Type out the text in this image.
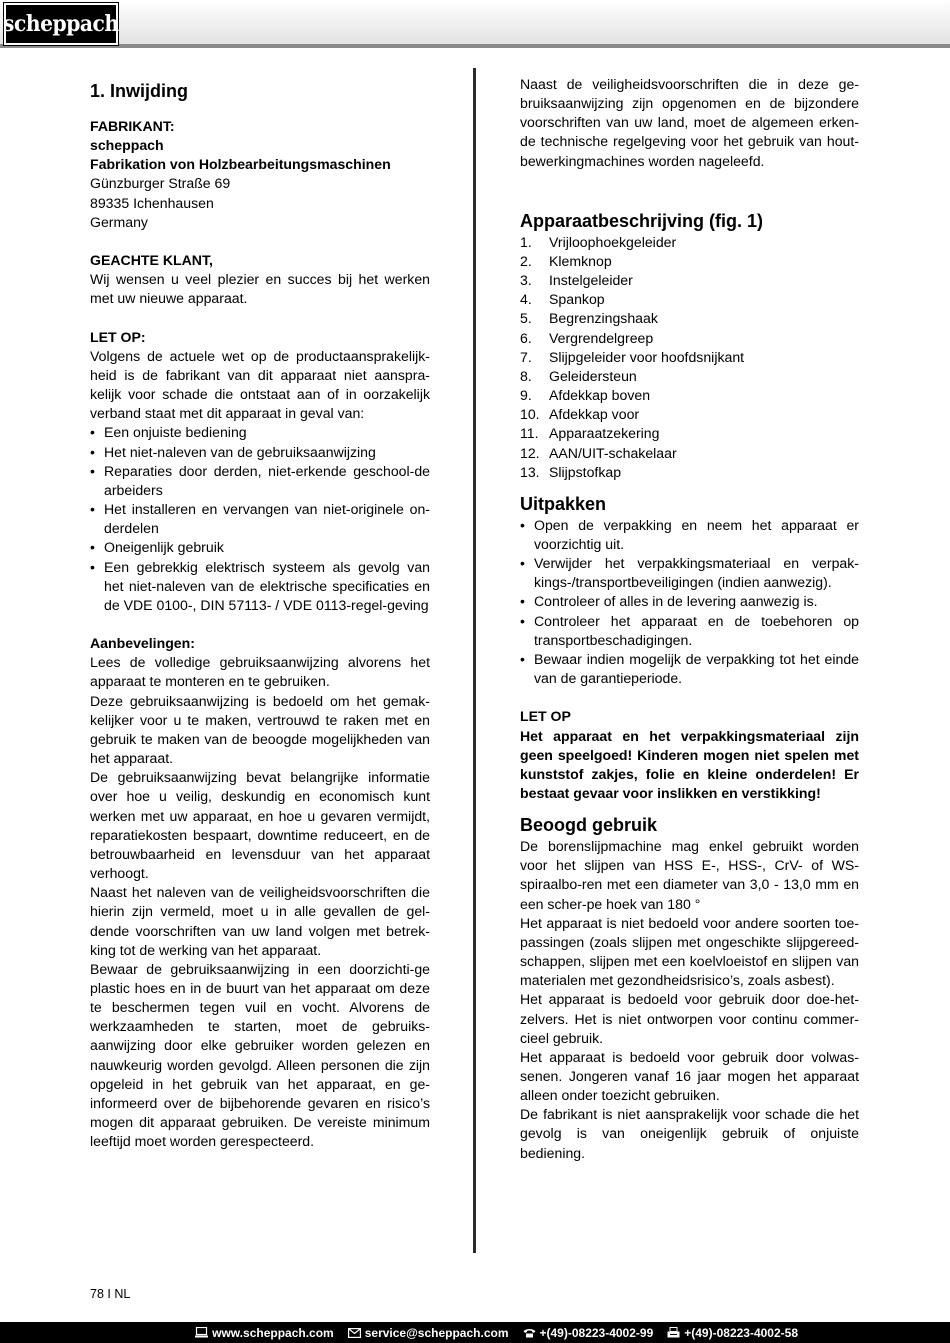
scheppach
1. Inwijding

FABRIKANT:

scheppach

Fabrikation von Holzbearbeitungsmaschinen

Günzburger Straße 69

89335 Ichenhausen

Germany

GEACHTE KLANT,

Wij wensen u veel plezier en succes bij het werken met uw nieuwe apparaat.

LET OP:

Volgens de actuele wet op de productaansprakelijk-heid is de fabrikant van dit apparaat niet aanspra-kelijk voor schade die ontstaat aan of in oorzakelijk verband staat met dit apparaat in geval van:

• Een onjuiste bediening
• Het niet-naleven van de gebruiksaanwijzing
• Reparaties door derden, niet-erkende geschool-de arbeiders
• Het installeren en vervangen van niet-originele on-derdelen
• Oneigenlijk gebruik
• Een gebrekkig elektrisch systeem als gevolg van het niet-naleven van de elektrische specificaties en de VDE 0100-, DIN 57113- / VDE 0113-regel-geving

Aanbevelingen:

Lees de volledige gebruiksaanwijzing alvorens het apparaat te monteren en te gebruiken.

Deze gebruiksaanwijzing is bedoeld om het gemak-kelijker voor u te maken, vertrouwd te raken met en gebruik te maken van de beoogde mogelijkheden van het apparaat.

De gebruiksaanwijzing bevat belangrijke informatie over hoe u veilig, deskundig en economisch kunt werken met uw apparaat, en hoe u gevaren vermijdt, reparatiekosten bespaart, downtime reduceert, en de betrouwbaarheid en levensduur van het apparaat verhoogt.

Naast het naleven van de veiligheidsvoorschriften die hierin zijn vermeld, moet u in alle gevallen de gel-dende voorschriften van uw land volgen met betrek-king tot de werking van het apparaat.

Bewaar de gebruiksaanwijzing in een doorzichti-ge plastic hoes en in de buurt van het apparaat om deze te beschermen tegen vuil en vocht. Alvorens de werkzaamheden te starten, moet de gebruiks-aanwijzing door elke gebruiker worden gelezen en nauwkeurig worden gevolgd. Alleen personen die zijn opgeleid in het gebruik van het apparaat, en ge-informeerd over de bijbehorende gevaren en risico’s mogen dit apparaat gebruiken. De vereiste minimum leeftijd moet worden gerespecteerd.

Naast de veiligheidsvoorschriften die in deze ge-bruiksaanwijzing zijn opgenomen en de bijzondere voorschriften van uw land, moet de algemeen erken-de technische regelgeving voor het gebruik van hout-bewerkingmachines worden nageleefd.

Apparaatbeschrijving (fig. 1)
1.	Vrijloophoekgeleider
2.	Klemknop
3.	Instelgeleider
4.	Spankop
5.	Begrenzingshaak
6.	Vergrendelgreep
7.	Slijpgeleider voor hoofdsnijkant
8.	Geleidersteun
9.	Afdekkap boven
10. Afdekkap voor
11. Apparaatzekering
12. AAN/UIT-schakelaar
13. Slijpstofkap
Uitpakken
• Open de verpakking en neem het apparaat er voorzichtig uit.
• Verwijder het verpakkingsmateriaal en verpak-kings-/transportbeveiligingen (indien aanwezig).
• Controleer of alles in de levering aanwezig is.
• Controleer het apparaat en de toebehoren op transportbeschadigingen.
• Bewaar indien mogelijk de verpakking tot het einde van de garantieperiode.

LET OP

Het apparaat en het verpakkingsmateriaal zijn geen speelgoed! Kinderen mogen niet spelen met kunststof zakjes, folie en kleine onderdelen! Er bestaat gevaar voor inslikken en verstikking!

Beoogd gebruik

De borenslijpmachine mag enkel gebruikt worden voor het slijpen van HSS E-, HSS-, CrV- of WS-spiraalbo-ren met een diameter van 3,0 - 13,0 mm en een scher-pe hoek van 180 °

Het apparaat is niet bedoeld voor andere soorten toe-passingen (zoals slijpen met ongeschikte slijpgereed-schappen, slijpen met een koelvloeistof en slijpen van materialen met gezondheidsrisico’s, zoals asbest).

Het apparaat is bedoeld voor gebruik door doe-het-zelvers. Het is niet ontworpen voor continu commer-cieel gebruik.

Het apparaat is bedoeld voor gebruik door volwas-senen. Jongeren vanaf 16 jaar mogen het apparaat alleen onder toezicht gebruiken.

De fabrikant is niet aansprakelijk voor schade die het gevolg is van oneigenlijk gebruik of onjuiste bediening.

78 I NL
www.scheppach.com	service@scheppach.com	+(49)-08223-4002-99	+(49)-08223-4002-58
